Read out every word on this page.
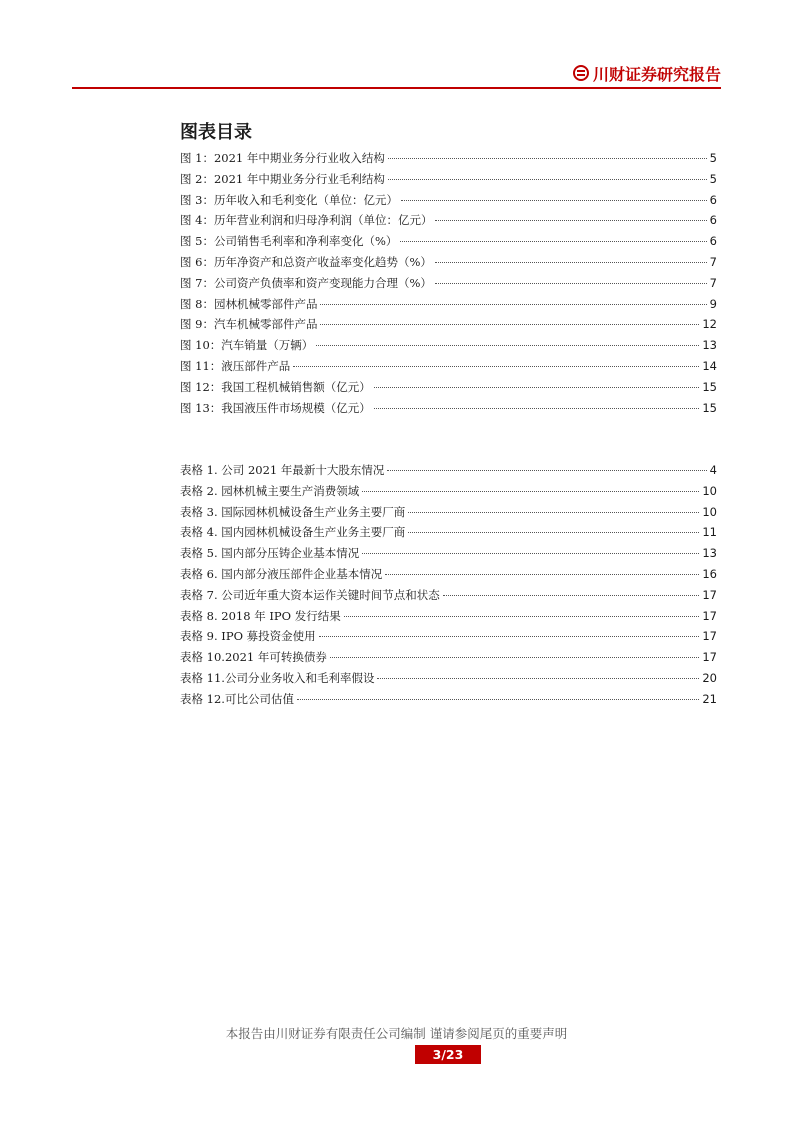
川财证券研究报告
图表目录
图 1：2021 年中期业务分行业收入结构	5
图 2：2021 年中期业务分行业毛利结构	5
图 3：历年收入和毛利变化（单位：亿元）	6
图 4：历年营业利润和归母净利润（单位：亿元）	6
图 5：公司销售毛利率和净利率变化（%）	6
图 6：历年净资产和总资产收益率变化趋势（%）	7
图 7：公司资产负债率和资产变现能力合理（%）	7
图 8：园林机械零部件产品	9
图 9：汽车机械零部件产品	12
图 10：汽车销量（万辆）	13
图 11：液压部件产品	14
图 12：我国工程机械销售额（亿元）	15
图 13：我国液压件市场规模（亿元）	15
表格 1. 公司 2021 年最新十大股东情况	4
表格 2. 园林机械主要生产消费领域	10
表格 3. 国际园林机械设备生产业务主要厂商	10
表格 4. 国内园林机械设备生产业务主要厂商	11
表格 5. 国内部分压铸企业基本情况	13
表格 6. 国内部分液压部件企业基本情况	16
表格 7. 公司近年重大资本运作关键时间节点和状态	17
表格 8. 2018 年 IPO 发行结果	17
表格 9. IPO 募投资金使用	17
表格 10.2021 年可转换债券	17
表格 11.公司分业务收入和毛利率假设	20
表格 12.可比公司估值	21
本报告由川财证券有限责任公司编制 谨请参阅尾页的重要声明
3/23
